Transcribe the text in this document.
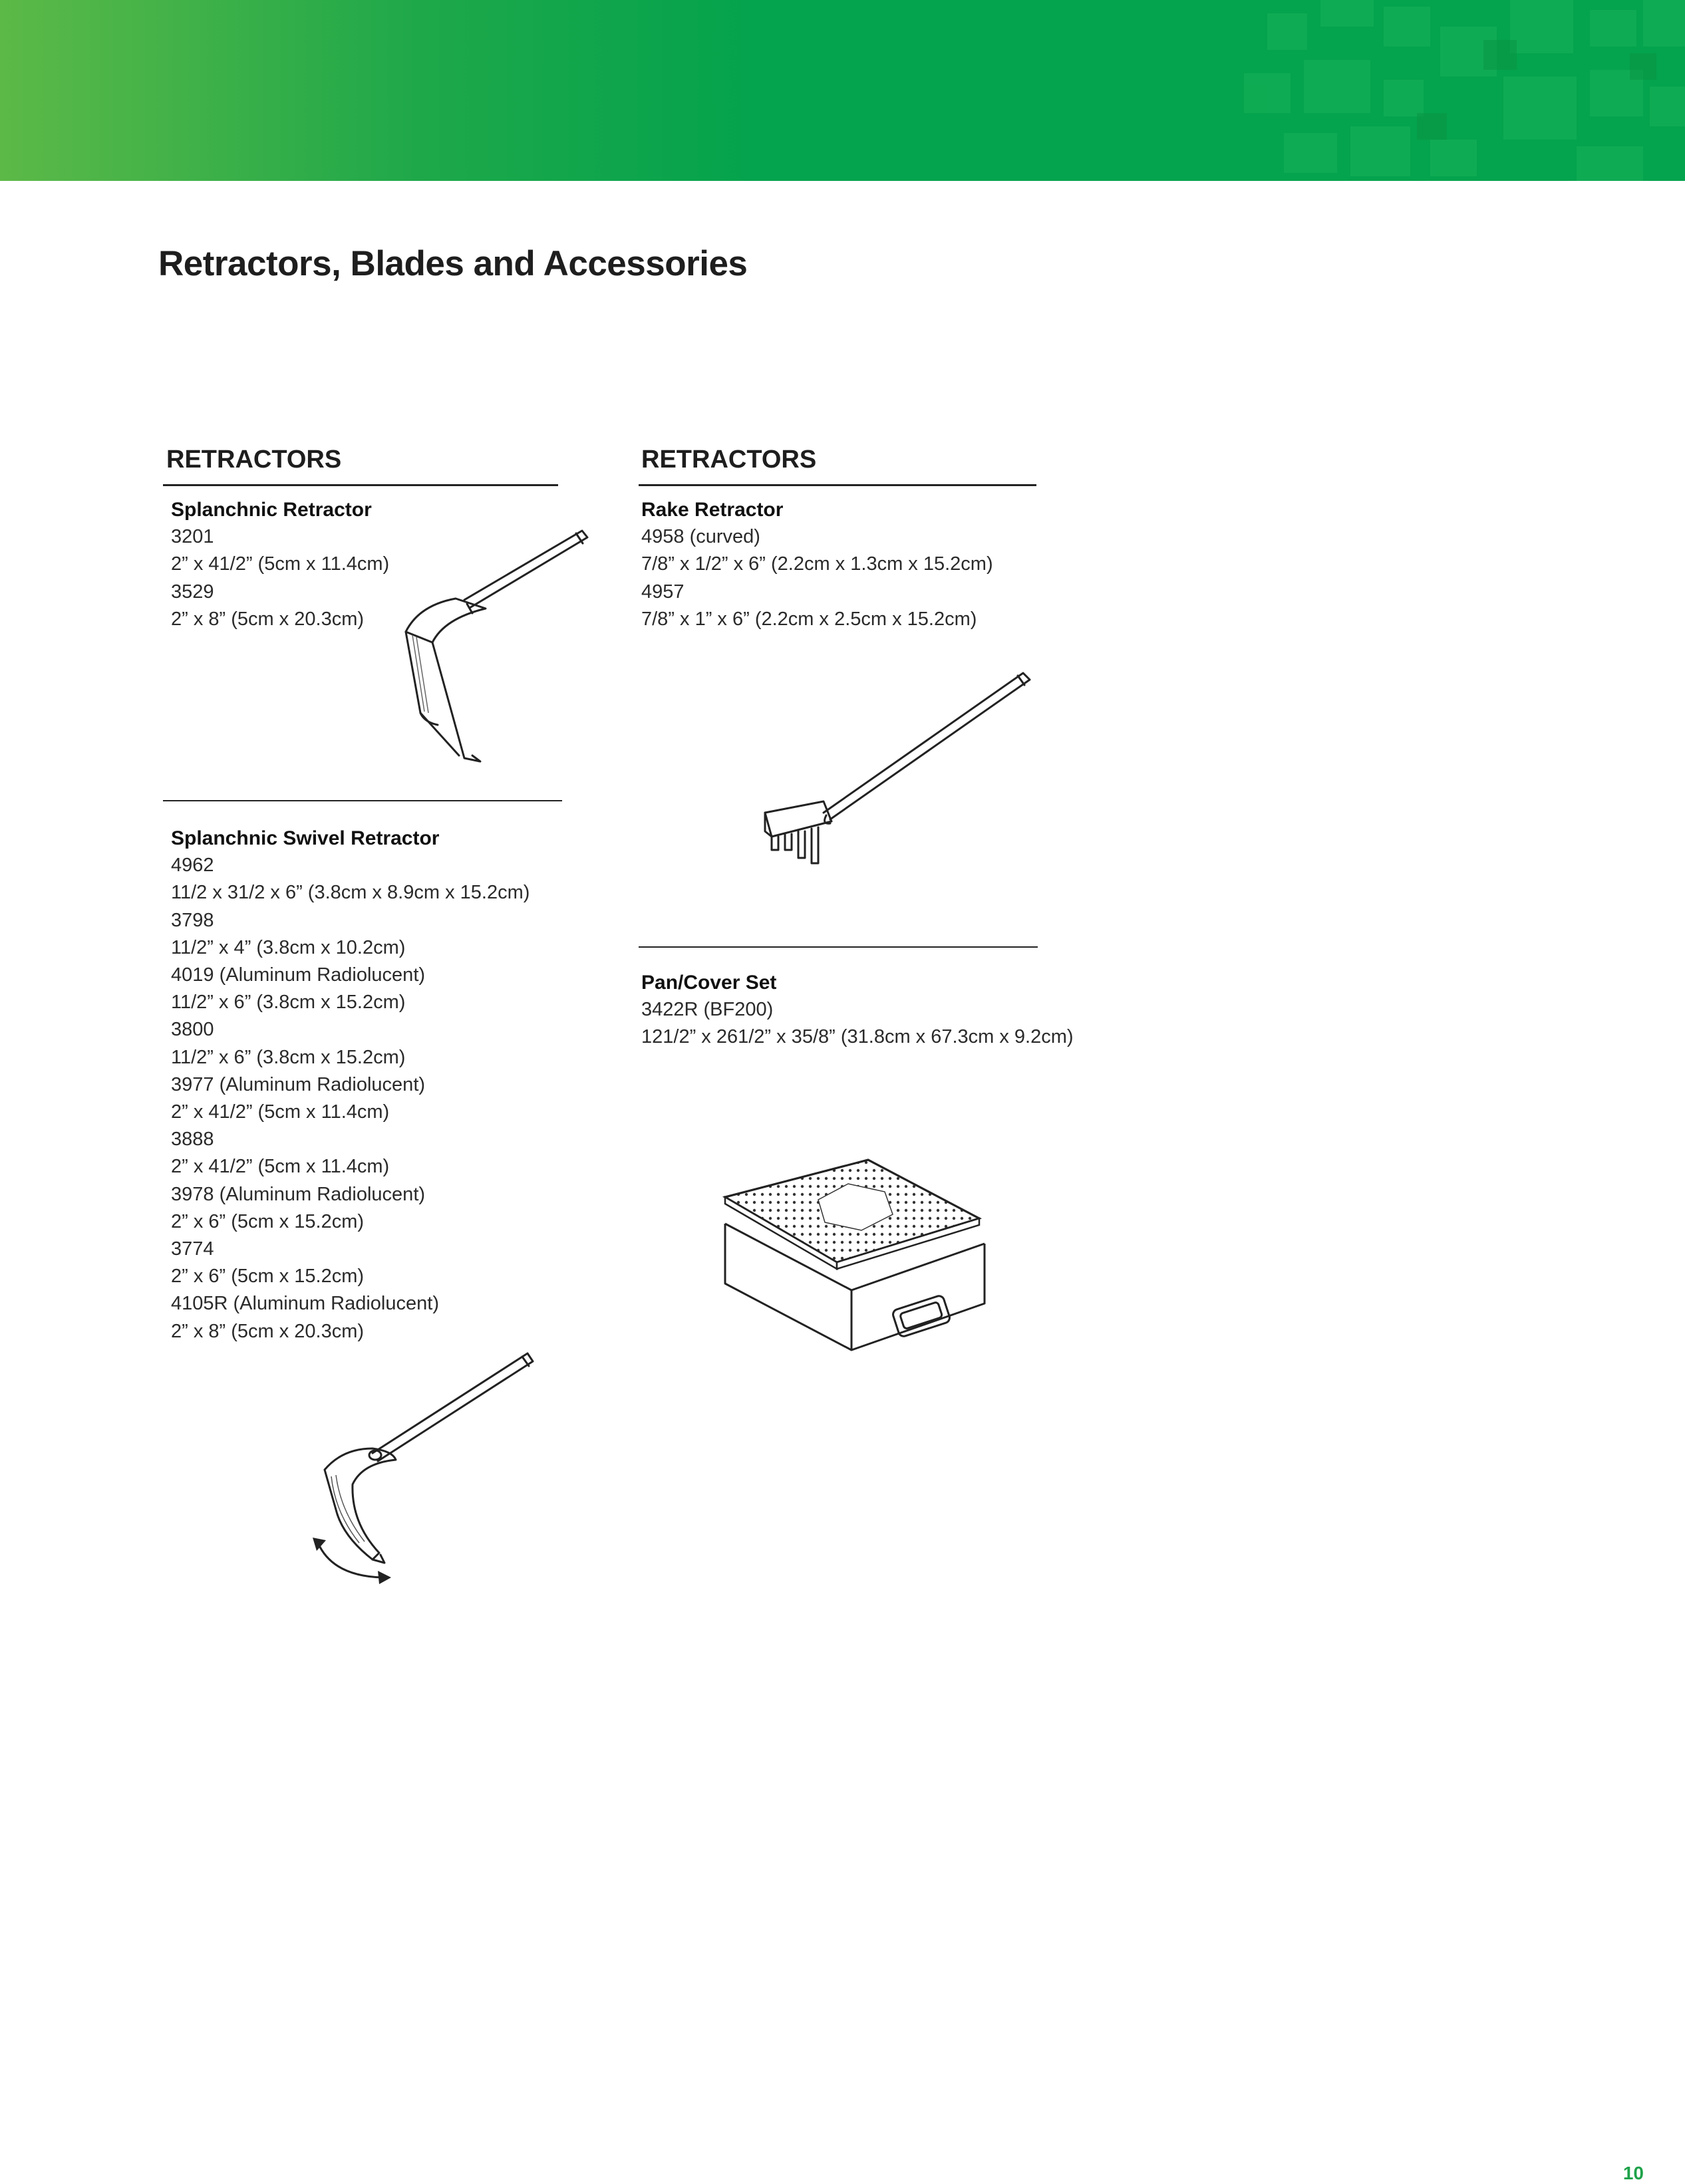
Retractors, Blades and Accessories
RETRACTORS
Splanchnic Retractor
3201
2” x 41/2” (5cm x 11.4cm)
3529
2” x 8” (5cm x 20.3cm)
Splanchnic Swivel Retractor
4962
11/2 x 31/2 x 6” (3.8cm x 8.9cm x 15.2cm)
3798
11/2” x 4” (3.8cm x 10.2cm)
4019 (Aluminum Radiolucent)
11/2” x 6” (3.8cm x 15.2cm)
3800
11/2” x 6” (3.8cm x 15.2cm)
3977 (Aluminum Radiolucent)
2” x 41/2” (5cm x 11.4cm)
3888
2” x 41/2” (5cm x 11.4cm)
3978 (Aluminum Radiolucent)
2” x 6” (5cm x 15.2cm)
3774
2” x 6” (5cm x 15.2cm)
4105R (Aluminum Radiolucent)
2” x 8” (5cm x 20.3cm)
RETRACTORS
Rake Retractor
4958 (curved)
7/8” x 1/2” x 6” (2.2cm x 1.3cm x 15.2cm)
4957
7/8” x 1” x 6” (2.2cm x 2.5cm x 15.2cm)
Pan/Cover Set
3422R (BF200)
121/2” x 261/2” x 35/8” (31.8cm x 67.3cm x 9.2cm)
10
